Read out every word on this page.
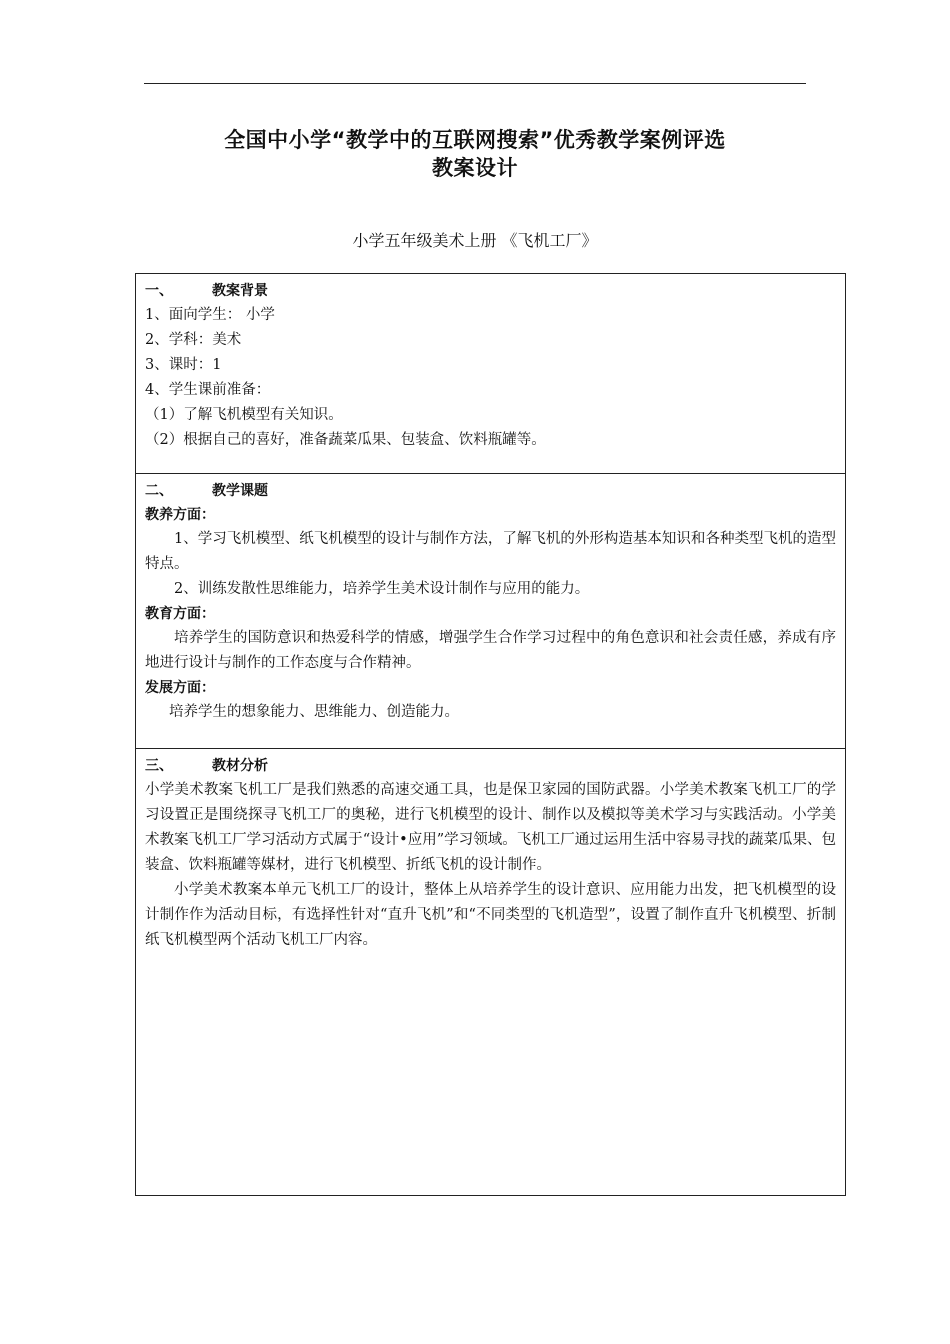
全国中小学“教学中的互联网搜索”优秀教学案例评选
教案设计
小学五年级美术上册 《飞机工厂》
一、	教案背景
1、面向学生： 小学
2、学科：美术
3、课时：1
4、学生课前准备：
（1）了解飞机模型有关知识。
（2）根据自己的喜好，准备蔬菜瓜果、包装盒、饮料瓶罐等。
二、	教学课题
教养方面：
1、学习飞机模型、纸飞机模型的设计与制作方法，了解飞机的外形构造基本知识和各种类型飞机的造型特点。
2、训练发散性思维能力，培养学生美术设计制作与应用的能力。
教育方面：
培养学生的国防意识和热爱科学的情感，增强学生合作学习过程中的角色意识和社会责任感，养成有序地进行设计与制作的工作态度与合作精神。
发展方面：
培养学生的想象能力、思维能力、创造能力。
三、	教材分析
小学美术教案飞机工厂是我们熟悉的高速交通工具，也是保卫家园的国防武器。小学美术教案飞机工厂的学习设置正是围绕探寻飞机工厂的奥秘，进行飞机模型的设计、制作以及模拟等美术学习与实践活动。小学美术教案飞机工厂学习活动方式属于“设计•应用”学习领域。飞机工厂通过运用生活中容易寻找的蔬菜瓜果、包装盒、饮料瓶罐等媒材，进行飞机模型、折纸飞机的设计制作。
小学美术教案本单元飞机工厂的设计，整体上从培养学生的设计意识、应用能力出发，把飞机模型的设计制作作为活动目标，有选择性针对“直升飞机”和“不同类型的飞机造型”，设置了制作直升飞机模型、折制纸飞机模型两个活动飞机工厂内容。
